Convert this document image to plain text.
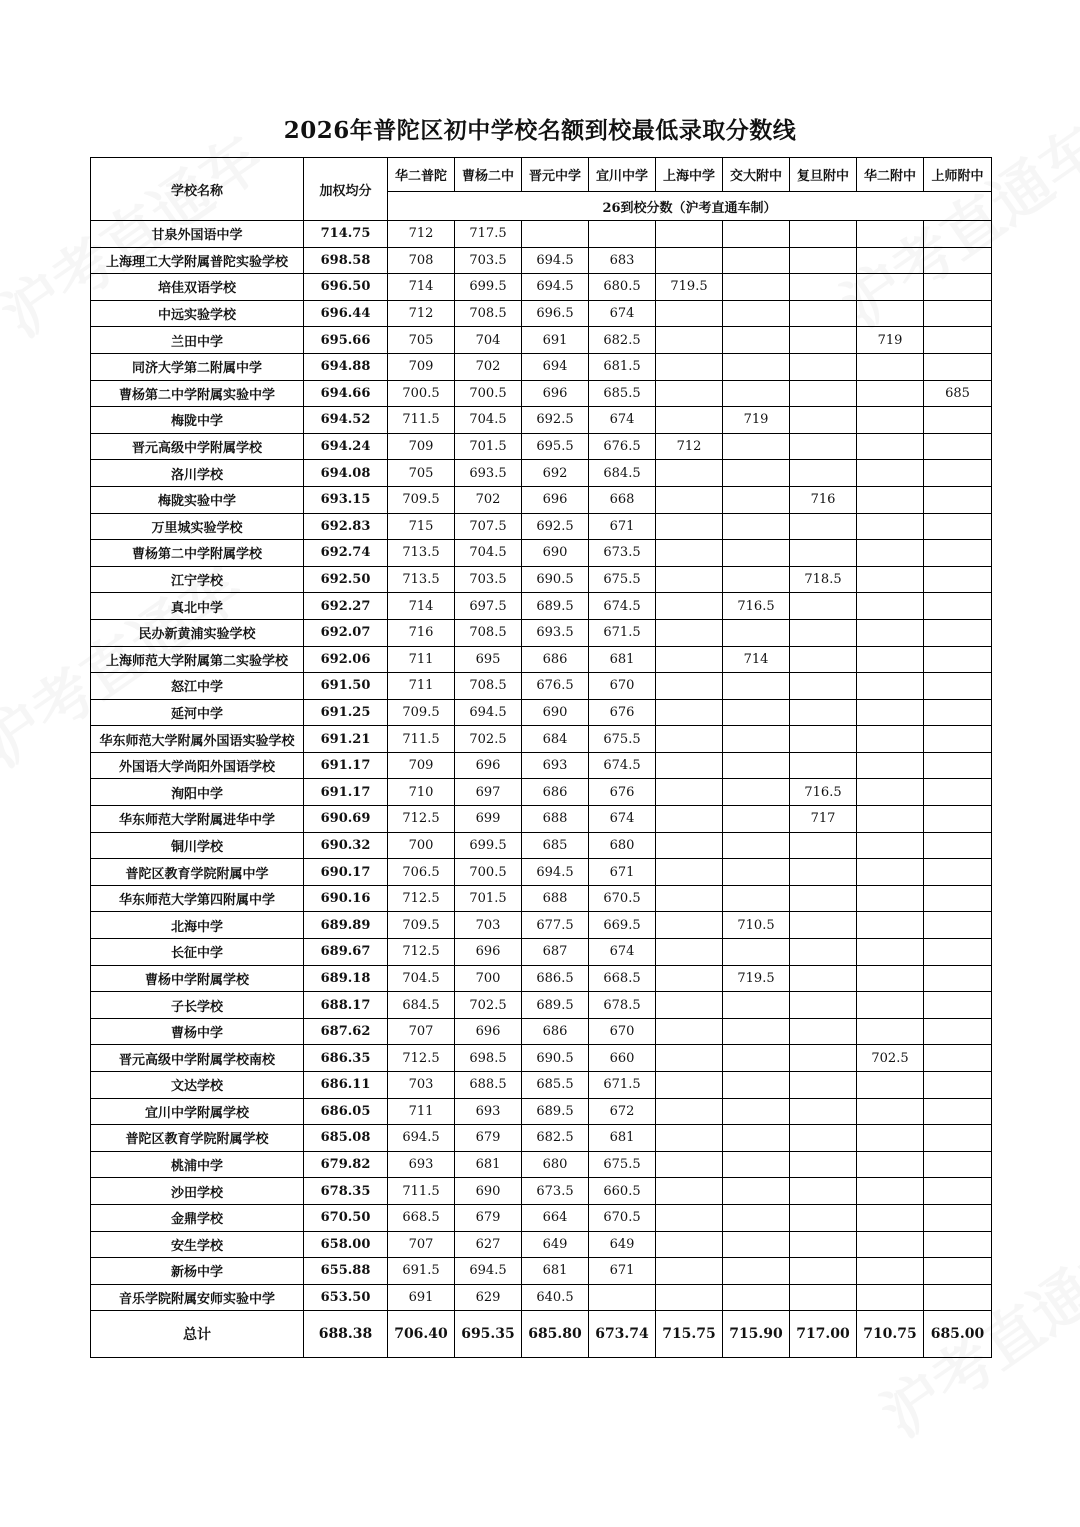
2026年普陀区初中学校名额到校最低录取分数线
学校名称	加权均分	华二普陀	曹杨二中	晋元中学	宜川中学	上海中学	交大附中	复旦附中	华二附中	上师附中
		26到校分数（沪考直通车制）								
甘泉外国语中学	714.75	712	717.5							
上海理工大学附属普陀实验学校	698.58	708	703.5	694.5	683					
培佳双语学校	696.50	714	699.5	694.5	680.5	719.5				
中远实验学校	696.44	712	708.5	696.5	674					
兰田中学	695.66	705	704	691	682.5				719	
同济大学第二附属中学	694.88	709	702	694	681.5					
曹杨第二中学附属实验中学	694.66	700.5	700.5	696	685.5					685
梅陇中学	694.52	711.5	704.5	692.5	674		719			
晋元高级中学附属学校	694.24	709	701.5	695.5	676.5	712				
洛川学校	694.08	705	693.5	692	684.5					
梅陇实验中学	693.15	709.5	702	696	668			716		
万里城实验学校	692.83	715	707.5	692.5	671					
曹杨第二中学附属学校	692.74	713.5	704.5	690	673.5					
江宁学校	692.50	713.5	703.5	690.5	675.5			718.5		
真北中学	692.27	714	697.5	689.5	674.5		716.5			
民办新黄浦实验学校	692.07	716	708.5	693.5	671.5					
上海师范大学附属第二实验学校	692.06	711	695	686	681		714			
怒江中学	691.50	711	708.5	676.5	670					
延河中学	691.25	709.5	694.5	690	676					
华东师范大学附属外国语实验学校	691.21	711.5	702.5	684	675.5					
外国语大学尚阳外国语学校	691.17	709	696	693	674.5					
洵阳中学	691.17	710	697	686	676			716.5		
华东师范大学附属进华中学	690.69	712.5	699	688	674			717		
铜川学校	690.32	700	699.5	685	680					
普陀区教育学院附属中学	690.17	706.5	700.5	694.5	671					
华东师范大学第四附属中学	690.16	712.5	701.5	688	670.5					
北海中学	689.89	709.5	703	677.5	669.5		710.5			
长征中学	689.67	712.5	696	687	674					
曹杨中学附属学校	689.18	704.5	700	686.5	668.5		719.5			
子长学校	688.17	684.5	702.5	689.5	678.5					
曹杨中学	687.62	707	696	686	670					
晋元高级中学附属学校南校	686.35	712.5	698.5	690.5	660				702.5	
文达学校	686.11	703	688.5	685.5	671.5					
宜川中学附属学校	686.05	711	693	689.5	672					
普陀区教育学院附属学校	685.08	694.5	679	682.5	681					
桃浦中学	679.82	693	681	680	675.5					
沙田学校	678.35	711.5	690	673.5	660.5					
金鼎学校	670.50	668.5	679	664	670.5					
安生学校	658.00	707	627	649	649					
新杨中学	655.88	691.5	694.5	681	671					
音乐学院附属安师实验中学	653.50	691	629	640.5						
总计	688.38	706.40	695.35	685.80	673.74	715.75	715.90	717.00	710.75	685.00
